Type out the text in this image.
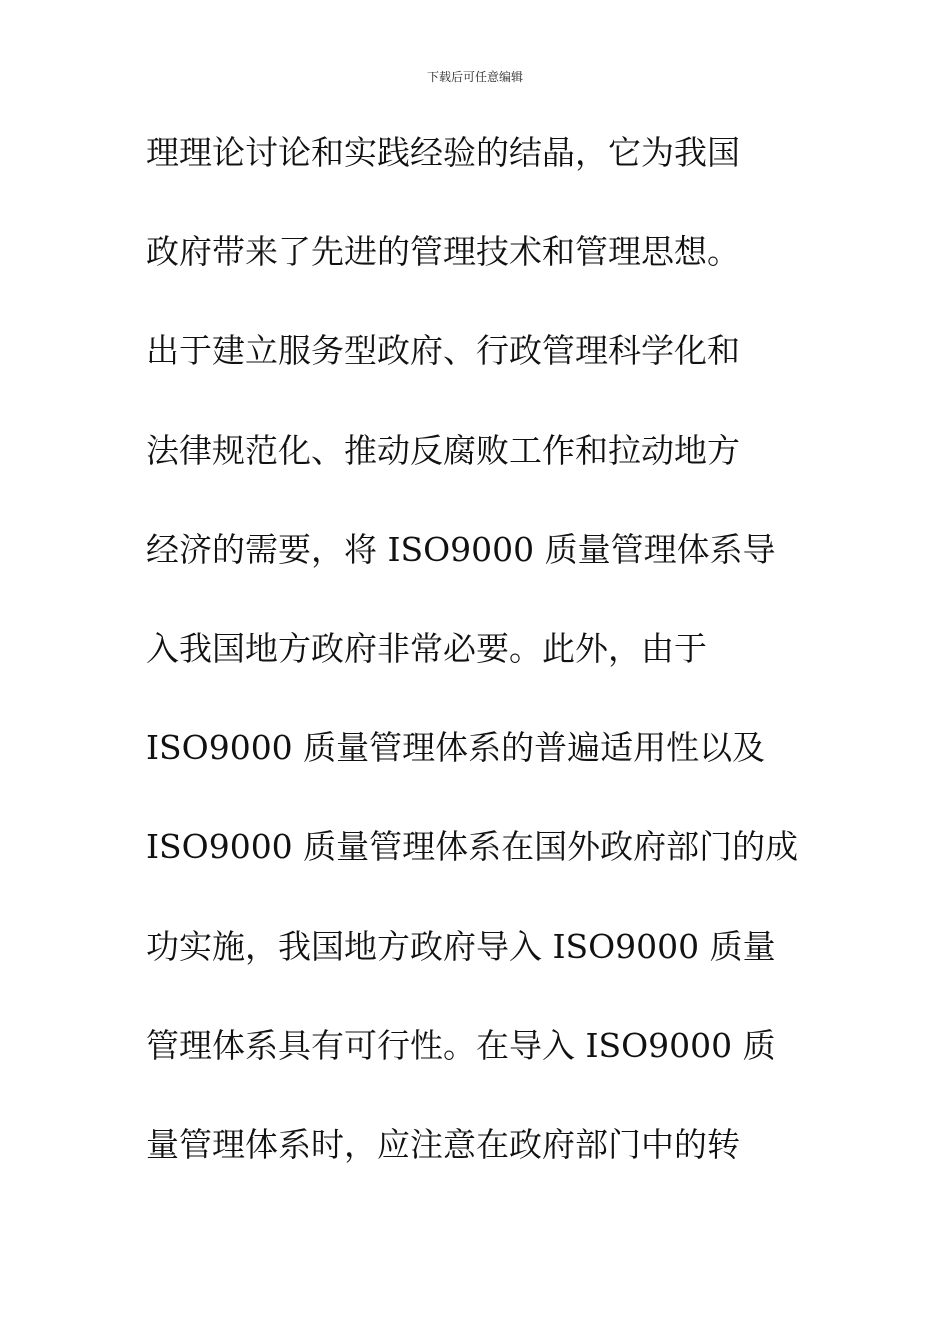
下载后可任意编辑
理理论讨论和实践经验的结晶，它为我国
政府带来了先进的管理技术和管理思想。
出于建立服务型政府、行政管理科学化和
法律规范化、推动反腐败工作和拉动地方
经济的需要，将 ISO9000 质量管理体系导
入我国地方政府非常必要。此外，由于
ISO9000 质量管理体系的普遍适用性以及
ISO9000 质量管理体系在国外政府部门的成
功实施，我国地方政府导入 ISO9000 质量
管理体系具有可行性。在导入 ISO9000 质
量管理体系时，应注意在政府部门中的转
